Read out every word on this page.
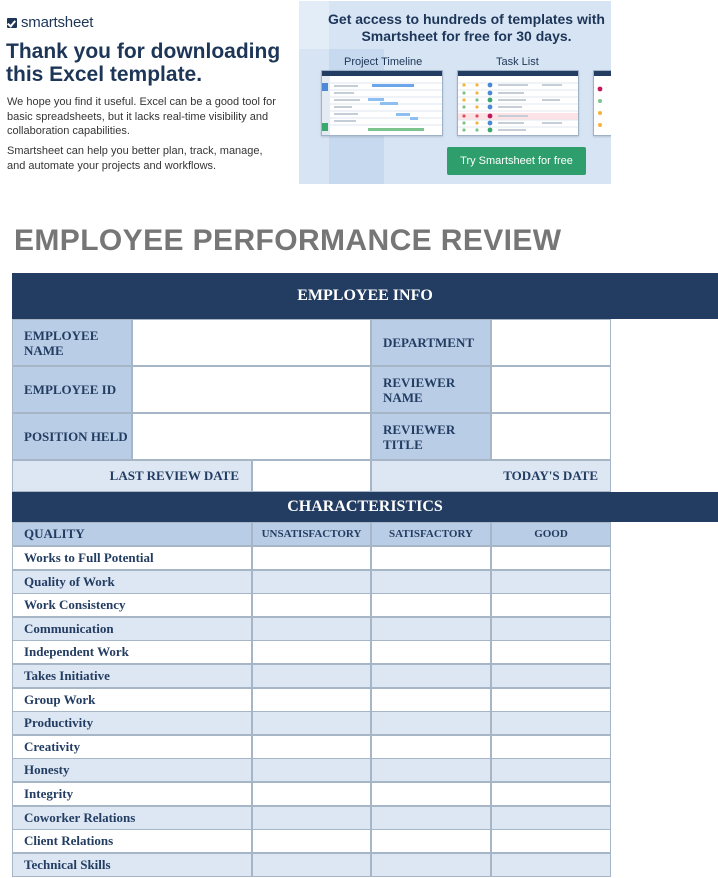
smartsheet
Thank you for downloading this Excel template.
We hope you find it useful. Excel can be a good tool for basic spreadsheets, but it lacks real-time visibility and collaboration capabilities.
Smartsheet can help you better plan, track, manage, and automate your projects and workflows.
Get access to hundreds of templates with Smartsheet for free for 30 days.
Project Timeline	Task List
Try Smartsheet for free
EMPLOYEE PERFORMANCE REVIEW
EMPLOYEE INFO
EMPLOYEE NAME	DEPARTMENT
EMPLOYEE ID	REVIEWER NAME
POSITION HELD	REVIEWER TITLE
LAST REVIEW DATE	TODAY'S DATE
CHARACTERISTICS
QUALITY	UNSATISFACTORY	SATISFACTORY	GOOD
Works to Full Potential
Quality of Work
Work Consistency
Communication
Independent Work
Takes Initiative
Group Work
Productivity
Creativity
Honesty
Integrity
Coworker Relations
Client Relations
Technical Skills
